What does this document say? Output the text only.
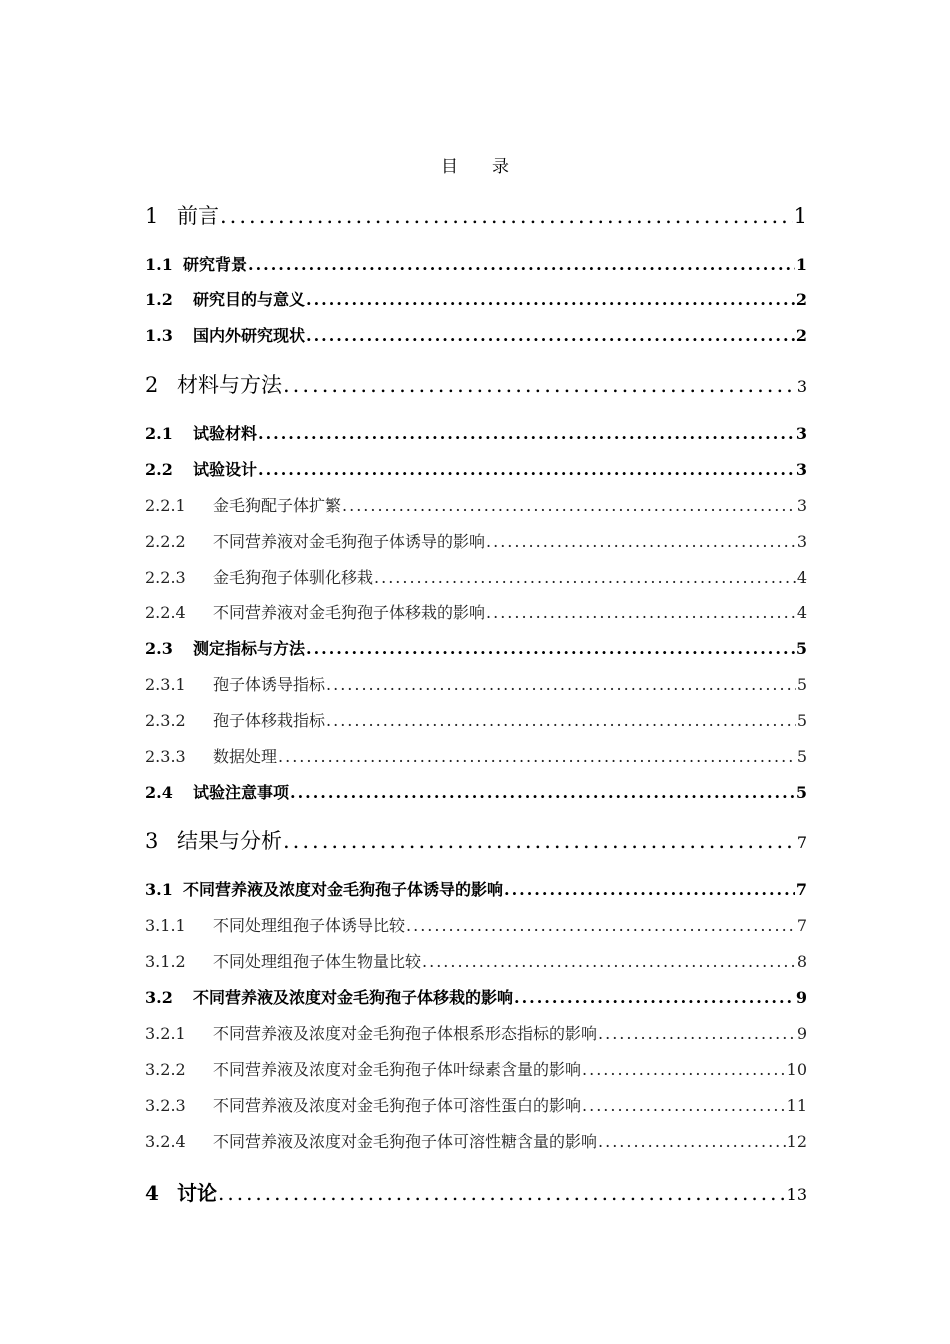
目 录
1 前言 .....	1
1.1 研究背景 .....	1
1.2	研究目的与意义 .....	2
1.3	国内外研究现状 .....	2
2 材料与方法 .....	3
2.1	试验材料 .....	3
2.2	试验设计 .....	3
2.2.1	金毛狗配子体扩繁 .....	3
2.2.2	不同营养液对金毛狗孢子体诱导的影响 .....	3
2.2.3	金毛狗孢子体驯化移栽 .....	4
2.2.4	不同营养液对金毛狗孢子体移栽的影响 .....	4
2.3	测定指标与方法 .....	5
2.3.1	孢子体诱导指标 .....	5
2.3.2	孢子体移栽指标 .....	5
2.3.3	数据处理 .....	5
2.4	试验注意事项 .....	5
3 结果与分析 .....	7
3.1 不同营养液及浓度对金毛狗孢子体诱导的影响 .....	7
3.1.1	不同处理组孢子体诱导比较 .....	7
3.1.2	不同处理组孢子体生物量比较 .....	8
3.2	不同营养液及浓度对金毛狗孢子体移栽的影响 .....	9
3.2.1	不同营养液及浓度对金毛狗孢子体根系形态指标的影响 .....	9
3.2.2	不同营养液及浓度对金毛狗孢子体叶绿素含量的影响 .....	10
3.2.3	不同营养液及浓度对金毛狗孢子体可溶性蛋白的影响 .....	11
3.2.4	不同营养液及浓度对金毛狗孢子体可溶性糖含量的影响 .....	12
4 讨论 .....	13
